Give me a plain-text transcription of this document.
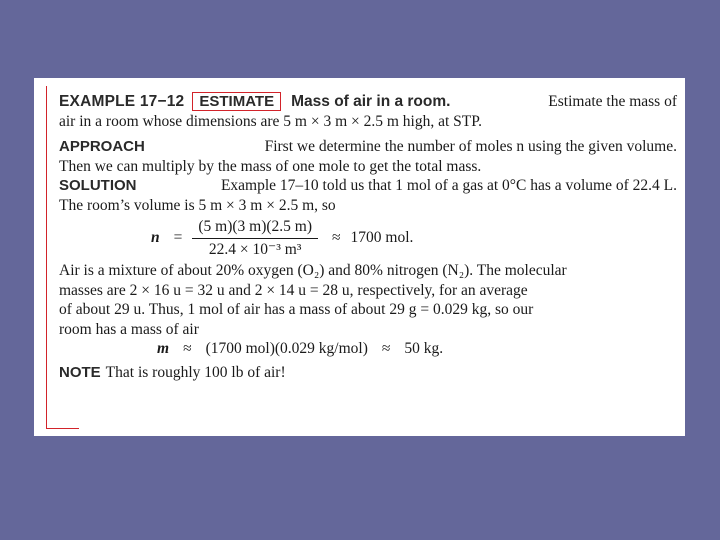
EXAMPLE 17−12	ESTIMATE	Mass of air in a room.	Estimate the mass of
air in a room whose dimensions are 5 m × 3 m × 2.5 m high, at STP.
APPROACH	First we determine the number of moles n using the given volume.
Then we can multiply by the mass of one mole to get the total mass.
SOLUTION	Example 17–10 told us that 1 mol of a gas at 0°C has a volume of 22.4 L.
The room’s volume is 5 m × 3 m × 2.5 m, so
$n = \frac{(5 m)(3 m)(2.5 m)}{\text{22.4 × 10⁻³ m³}} \approx 1700$ mol.
Air is a mixture of about 20% oxygen (O₂) and 80% nitrogen (N₂). The molecular
masses are 2 × 16 u = 32 u and 2 × 14 u = 28 u, respectively, for an average
of about 29 u. Thus, 1 mol of air has a mass of about 29 g = 0.029 kg, so our
room has a mass of air
m ≈ (1700 mol)(0.029 kg/mol) ≈ 50 kg.
NOTE That is roughly 100 lb of air!
